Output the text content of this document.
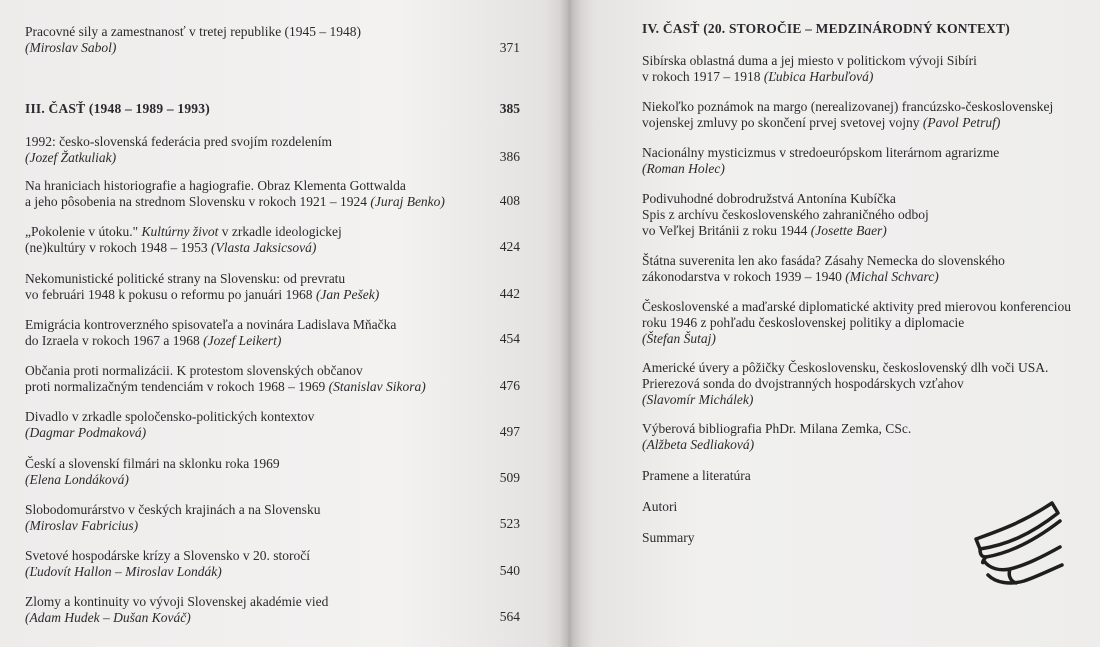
Pracovné sily a zamestnanosť v tretej republike (1945 – 1948)
(Miroslav Sabol)	371
III. ČASŤ (1948 – 1989 – 1993)	385
1992: česko-slovenská federácia pred svojím rozdelením
(Jozef Žatkuliak)	386
Na hraniciach historiografie a hagiografie. Obraz Klementa Gottwalda
a jeho pôsobenia na strednom Slovensku v rokoch 1921 – 1924 (Juraj Benko)	408
„Pokolenie v útoku." Kultúrny život v zrkadle ideologickej
(ne)kultúry v rokoch 1948 – 1953 (Vlasta Jaksicsová)	424
Nekomunistické politické strany na Slovensku: od prevratu
vo februári 1948 k pokusu o reformu po januári 1968 (Jan Pešek)	442
Emigrácia kontroverzného spisovateľa a novinára Ladislava Mňačka
do Izraela v rokoch 1967 a 1968 (Jozef Leikert)	454
Občania proti normalizácii. K protestom slovenských občanov
proti normalizačným tendenciám v rokoch 1968 – 1969 (Stanislav Sikora)	476
Divadlo v zrkadle spoločensko-politických kontextov
(Dagmar Podmaková)	497
Českí a slovenskí filmári na sklonku roka 1969
(Elena Londáková)	509
Slobodomurárstvo v českých krajinách a na Slovensku
(Miroslav Fabricius)	523
Svetové hospodárske krízy a Slovensko v 20. storočí
(Ľudovít Hallon – Miroslav Londák)	540
Zlomy a kontinuity vo vývoji Slovenskej akadémie vied
(Adam Hudek – Dušan Kováč)	564
IV. ČASŤ (20. STOROČIE – MEDZINÁRODNÝ KONTEXT)
Sibírska oblastná duma a jej miesto v politickom vývoji Sibíri
v rokoch 1917 – 1918 (Ľubica Harbuľová)
Niekoľko poznámok na margo (nerealizovanej) francúzsko-československej
vojenskej zmluvy po skončení prvej svetovej vojny (Pavol Petruf)
Nacionálny mysticizmus v stredoeurópskom literárnom agrarizme
(Roman Holec)
Podivuhodné dobrodružstvá Antonína Kubíčka
Spis z archívu československého zahraničného odboj
vo Veľkej Británii z roku 1944 (Josette Baer)
Štátna suverenita len ako fasáda? Zásahy Nemecka do slovenského
zákonodarstva v rokoch 1939 – 1940 (Michal Schvarc)
Československé a maďarské diplomatické aktivity pred mierovou konferenciou
roku 1946 z pohľadu československej politiky a diplomacie
(Štefan Šutaj)
Americké úvery a pôžičky Československu, československý dlh voči USA.
Prierezová sonda do dvojstranných hospodárskych vzťahov
(Slavomír Michálek)
Výberová bibliografia PhDr. Milana Zemka, CSc.
(Alžbeta Sedliaková)
Pramene a literatúra
Autori
Summary
